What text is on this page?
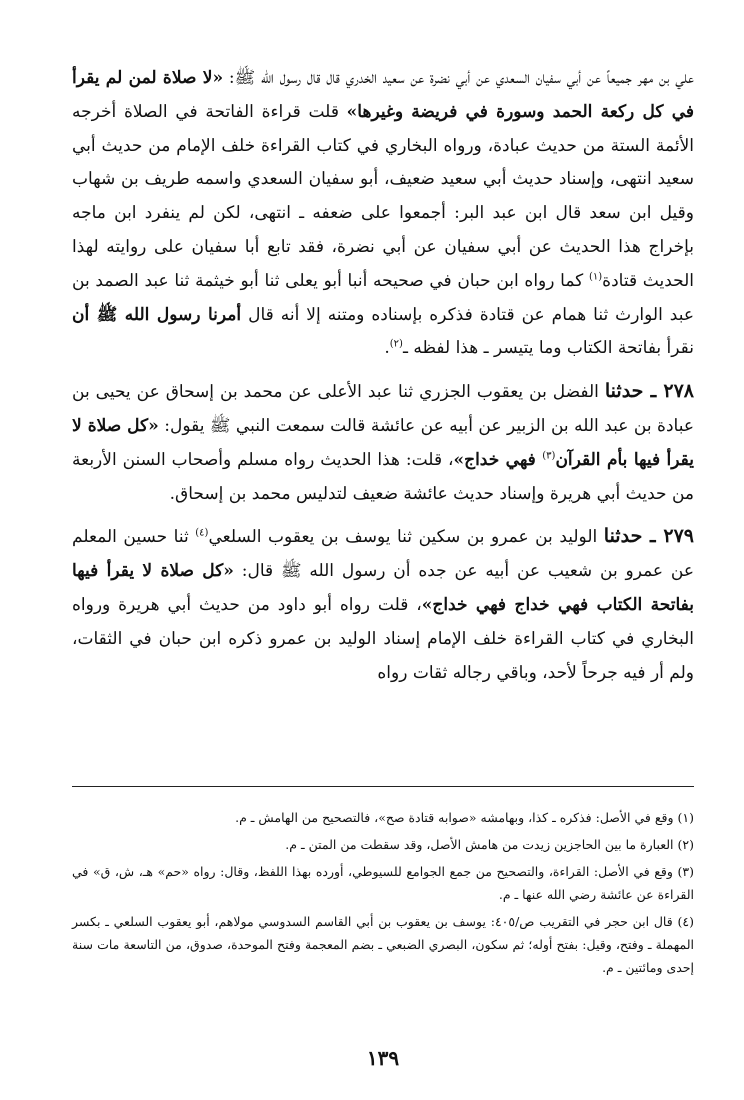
علي بن مهر جميعاً عن أبي سفيان السعدي عن أبي نضرة عن سعيد الخدري قال قال رسول الله ﷺ: «لا صلاة لمن لم يقرأ في كل ركعة الحمد وسورة في فريضة وغيرها» قلت قراءة الفاتحة في الصلاة أخرجه الأئمة الستة من حديث عبادة، ورواه البخاري في كتاب القراءة خلف الإمام من حديث أبي سعيد انتهى، وإسناد حديث أبي سعيد ضعيف، أبو سفيان السعدي واسمه طريف بن شهاب وقيل ابن سعد قال ابن عبد البر: أجمعوا على ضعفه ـ انتهى، لكن لم ينفرد ابن ماجه بإخراج هذا الحديث عن أبي سفيان عن أبي نضرة، فقد تابع أبا سفيان على روايته لهذا الحديث قتادة$^{(١)}$ كما رواه ابن حبان في صحيحه أنبا أبو يعلى ثنا أبو خيثمة ثنا عبد الصمد بن عبد الوارث ثنا همام عن قتادة فذكره بإسناده ومتنه إلا أنه قال أمرنا رسول الله ﷺ أن نقرأ بفاتحة الكتاب وما يتيسر ـ هذا لفظه ـ$^{(٢)}$.

٢٧٨ ـ حدثنا الفضل بن يعقوب الجزري ثنا عبد الأعلى عن محمد بن إسحاق عن يحيى بن عبادة بن عبد الله بن الزبير عن أبيه عن عائشة قالت سمعت النبي ﷺ يقول: «كل صلاة لا يقرأ فيها بأم القرآن$^{(٣)}$ فهي خداج»، قلت: هذا الحديث رواه مسلم وأصحاب السنن الأربعة من حديث أبي هريرة وإسناد حديث عائشة ضعيف لتدليس محمد بن إسحاق.

٢٧٩ ـ حدثنا الوليد بن عمرو بن سكين ثنا يوسف بن يعقوب السلعي$^{(٤)}$ ثنا حسين المعلم عن عمرو بن شعيب عن أبيه عن جده أن رسول الله ﷺ قال: «كل صلاة لا يقرأ فيها بفاتحة الكتاب فهي خداج فهي خداج»، قلت رواه أبو داود من حديث أبي هريرة ورواه البخاري في كتاب القراءة خلف الإمام إسناد الوليد بن عمرو ذكره ابن حبان في الثقات، ولم أر فيه جرحاً لأحد، وباقي رجاله ثقات رواه

(١) وقع في الأصل: فذكره ـ كذا، وبهامشه «صوابه قتادة صح»، فالتصحيح من الهامش ـ م.

(٢) العبارة ما بين الحاجزين زيدت من هامش الأصل، وقد سقطت من المتن ـ م.

(٣) وقع في الأصل: القراءة، والتصحيح من جمع الجوامع للسيوطي، أورده بهذا اللفظ، وقال: رواه «حم» هـ، ش، ق» في القراءة عن عائشة رضي الله عنها ـ م.

(٤) قال ابن حجر في التقريب ص/٤٠٥: يوسف بن يعقوب بن أبي القاسم السدوسي مولاهم، أبو يعقوب السلعي ـ بكسر المهملة ـ وفتح، وقيل: بفتح أوله؛ ثم سكون، البصري الضبعي ـ بضم المعجمة وفتح الموحدة، صدوق، من التاسعة مات سنة إحدى ومائتين ـ م.

١٣٩
